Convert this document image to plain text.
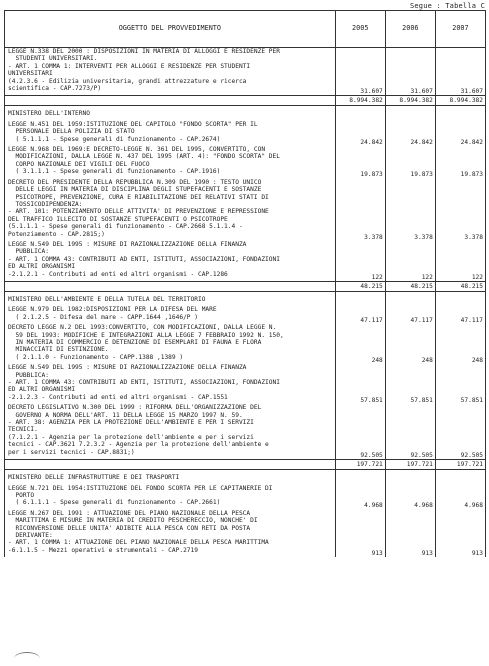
Segue : Tabella C
OGGETTO DEL PROVVEDIMENTO	2005	2006	2007

LEGGE N.338 DEL 2000 : DISPOSIZIONI IN MATERIA DI ALLOGGI E RESIDENZE PER
STUDENTI UNIVERSITARI.			

- ART. 1 COMMA 1: INTERVENTI PER ALLOGGI E RESIDENZE PER STUDENTI
UNIVERSITARI
(4.2.3.6 - Edilizia universitaria, grandi attrezzature e ricerca
scientifica - CAP.7273/P)	31.607	31.607	31.607
	8.994.382	8.994.382	8.994.382

MINISTERO DELL'INTERNO			

LEGGE N.451 DEL 1959:ISTITUZIONE DEL CAPITOLO "FONDO SCORTA" PER IL
PERSONALE DELLA POLIZIA DI STATO
( 5.1.1.1 - Spese generali di funzionamento - CAP.2674)	24.842	24.842	24.842

LEGGE N.968 DEL 1969:E DECRETO-LEGGE N. 361 DEL 1995, CONVERTITO, CON
MODIFICAZIONI, DALLA LEGGE N. 437 DEL 1995 (ART. 4): "FONDO SCORTA" DEL
CORPO NAZIONALE DEI VIGILI DEL FUOCO
( 3.1.1.1 - Spese generali di funzionamento - CAP.1916)	19.873	19.873	19.873

DECRETO DEL PRESIDENTE DELLA REPUBBLICA N.309 DEL 1990 : TESTO UNICO
DELLE LEGGI IN MATERIA DI DISCIPLINA DEGLI STUPEFACENTI E SOSTANZE
PSICOTROPE, PREVENZIONE, CURA E RIABILITAZIONE DEI RELATIVI STATI DI
TOSSICODIPENDENZA:			

- ART. 101: POTENZIAMENTO DELLE ATTIVITA' DI PREVENZIONE E REPRESSIONE
DEL TRAFFICO ILLECITO DI SOSTANZE STUPEFACENTI O PSICOTROPE
(5.1.1.1 - Spese generali di funzionamento - CAP.2668 5.1.1.4 -
Potenziamento - CAP.2815;)	3.378	3.378	3.378

LEGGE N.549 DEL 1995 : MISURE DI RAZIONALIZZAZIONE DELLA FINANZA
PUBBLICA:			

- ART. 1 COMMA 43: CONTRIBUTI AD ENTI, ISTITUTI, ASSOCIAZIONI, FONDAZIONI
ED ALTRI ORGANISMI
-2.1.2.1 - Contributi ad enti ed altri organismi - CAP.1286	122	122	122
	48.215	48.215	48.215

MINISTERO DELL'AMBIENTE E DELLA TUTELA DEL TERRITORIO			

LEGGE N.979 DEL 1982:DISPOSIZIONI PER LA DIFESA DEL MARE
( 2.1.2.5 - Difesa del mare - CAPP.1644 ,1646/P )	47.117	47.117	47.117

DECRETO LEGGE N.2 DEL 1993:CONVERTITO, CON MODIFICAZIONI, DALLA LEGGE N.
59 DEL 1993: MODIFICHE E INTEGRAZIONI ALLA LEGGE 7 FEBBRAIO 1992 N. 150,
IN MATERIA DI COMMERCIO E DETENZIONE DI ESEMPLARI DI FAUNA E FLORA
MINACCIATI DI ESTINZIONE.
( 2.1.1.0 - Funzionamento - CAPP.1388 ,1389 )	248	248	248

LEGGE N.549 DEL 1995 : MISURE DI RAZIONALIZZAZIONE DELLA FINANZA
PUBBLICA:			

- ART. 1 COMMA 43: CONTRIBUTI AD ENTI, ISTITUTI, ASSOCIAZIONI, FONDAZIONI
ED ALTRI ORGANISMI
-2.1.2.3 - Contributi ad enti ed altri organismi - CAP.1551	57.851	57.851	57.851

DECRETO LEGISLATIVO N.300 DEL 1999 : RIFORMA DELL'ORGANIZZAZIONE DEL
GOVERNO A NORMA DELL'ART. 11 DELLA LEGGE 15 MARZO 1997 N. 59.			

- ART. 38: AGENZIA PER LA PROTEZIONE DELL'AMBIENTE E PER I SERVIZI
TECNICI.
(7.1.2.1 - Agenzia per la protezione dell'ambiente e per i servizi
tecnici - CAP.3621 7.2.3.2 - Agenzia per la protezione dell'ambiente e
per i servizi tecnici - CAP.8831;)	92.505	92.505	92.505
	197.721	197.721	197.721

MINISTERO DELLE INFRASTRUTTURE E DEI TRASPORTI			

LEGGE N.721 DEL 1954:ISTITUZIONE DEL FONDO SCORTA PER LE CAPITANERIE DI
PORTO
( 6.1.1.1 - Spese generali di funzionamento - CAP.2661)	4.968	4.968	4.968

LEGGE N.267 DEL 1991 : ATTUAZIONE DEL PIANO NAZIONALE DELLA PESCA
MARITTIMA E MISURE IN MATERIA DI CREDITO PESCHERECCIO, NONCHE' DI
RICONVERSIONE DELLE UNITA' ADIBITE ALLA PESCA CON RETI DA POSTA
DERIVANTE:			

- ART. 1 COMMA 1: ATTUAZIONE DEL PIANO NAZIONALE DELLA PESCA MARITTIMA
-6.1.1.5 - Mezzi operativi e strumentali - CAP.2719	913	913	913
